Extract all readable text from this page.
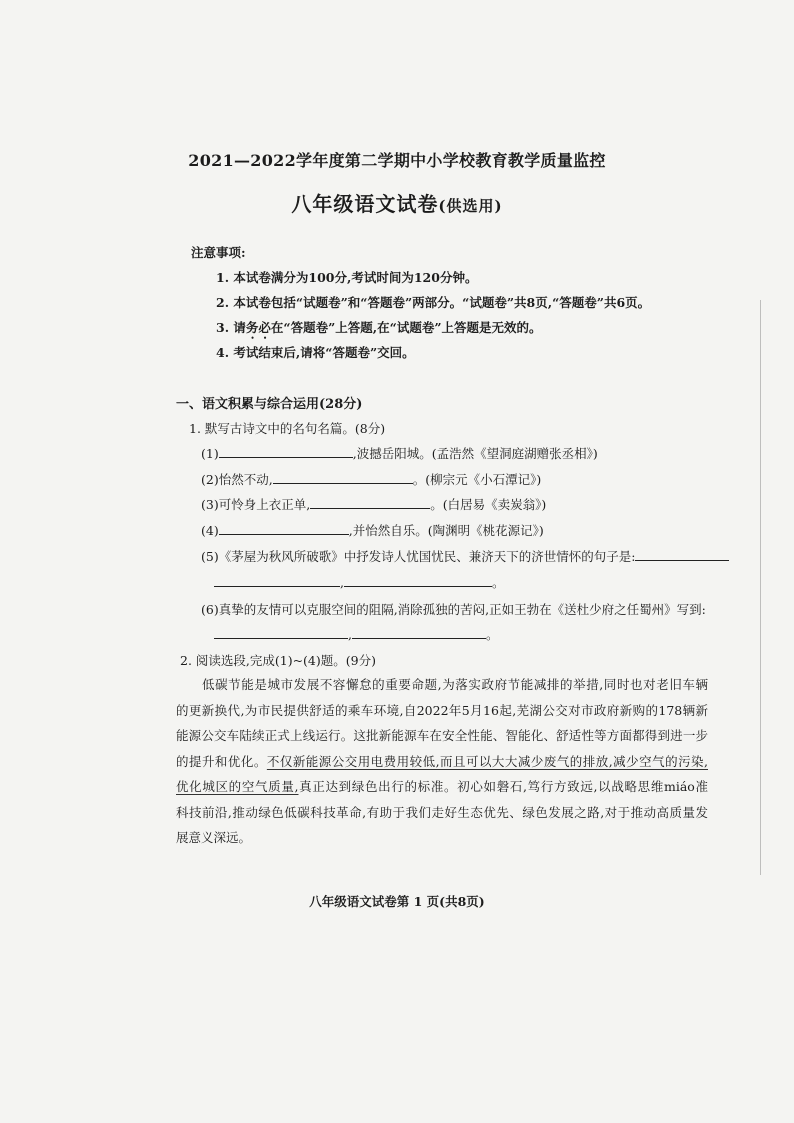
2021—2022学年度第二学期中小学校教育教学质量监控
八年级语文试卷(供选用)
注意事项:
1. 本试卷满分为100分,考试时间为120分钟。
2. 本试卷包括“试题卷”和“答题卷”两部分。“试题卷”共8页,“答题卷”共6页。
3. 请务必在“答题卷”上答题,在“试题卷”上答题是无效的。
4. 考试结束后,请将“答题卷”交回。
一、语文积累与综合运用(28分)
1. 默写古诗文中的名句名篇。(8分)
(1)	,波撼岳阳城。(孟浩然《望洞庭湖赠张丞相》)
(2)怡然不动,	。(柳宗元《小石潭记》)
(3)可怜身上衣正单,	。(白居易《卖炭翁》)
(4)	,并怡然自乐。(陶渊明《桃花源记》)
(5)《茅屋为秋风所破歌》中抒发诗人忧国忧民、兼济天下的济世情怀的句子是:
,	。
(6)真挚的友情可以克服空间的阻隔,消除孤独的苦闷,正如王勃在《送杜少府之任蜀州》写到:
,	。
2. 阅读选段,完成(1)~(4)题。(9分)
低碳节能是城市发展不容懈怠的重要命题,为落实政府节能减排的举措,同时也对老旧车辆
的更新换代,为市民提供舒适的乘车环境,自2022年5月16起,芜湖公交对市政府新购的178辆新
能源公交车陆续正式上线运行。这批新能源车在安全性能、智能化、舒适性等方面都得到进一步
的提升和优化。不仅新能源公交用电费用较低,而且可以大大减少废气的排放,减少空气的污染,
优化城区的空气质量,真正达到绿色出行的标准。初心如磐石,笃行方致远,以战略思维miáo准
科技前沿,推动绿色低碳科技革命,有助于我们走好生态优先、绿色发展之路,对于推动高质量发
展意义深远。
八年级语文试卷第 1 页(共8页)
